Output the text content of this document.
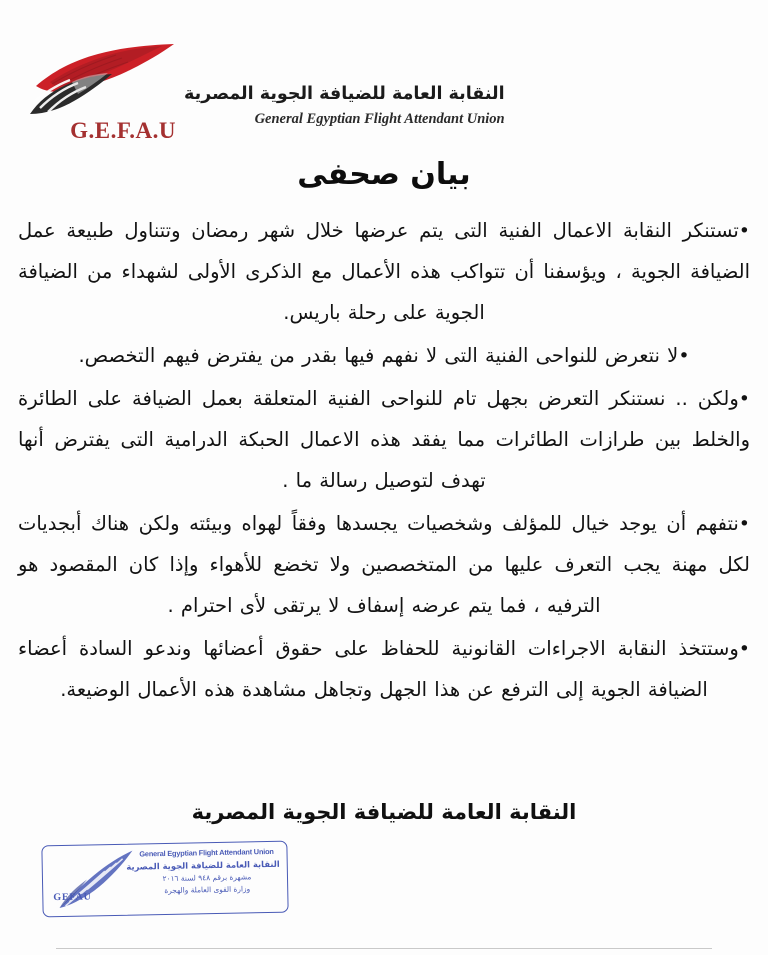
G.E.F.A.U
النقابة العامة للضيافة الجوية المصرية
General Egyptian Flight Attendant Union
بيان صحفى

•تستنكر النقابة الاعمال الفنية التى يتم عرضها خلال شهر رمضان وتتناول طبيعة عمل الضيافة الجوية ، ويؤسفنا أن تتواكب هذه الأعمال مع الذكرى الأولى لشهداء من الضيافة الجوية على رحلة باريس.

•لا نتعرض للنواحى الفنية التى لا نفهم فيها بقدر من يفترض فيهم التخصص.

•ولكن .. نستنكر التعرض بجهل تام للنواحى الفنية المتعلقة بعمل الضيافة على الطائرة والخلط بين طرازات الطائرات مما يفقد هذه الاعمال الحبكة الدرامية التى يفترض أنها تهدف لتوصيل رسالة ما .

•نتفهم أن يوجد خيال للمؤلف وشخصيات يجسدها وفقاً لهواه وبيئته ولكن هناك أبجديات لكل مهنة يجب التعرف عليها من المتخصصين ولا تخضع للأهواء وإذا كان المقصود هو الترفيه ، فما يتم عرضه إسفاف لا يرتقى لأى احترام .

•وستتخذ النقابة الاجراءات القانونية للحفاظ على حقوق أعضائها وندعو السادة أعضاء الضيافة الجوية إلى الترفع عن هذا الجهل وتجاهل مشاهدة هذه الأعمال الوضيعة.

النقابة العامة للضيافة الجوية المصرية
GEFAU
General Egyptian Flight Attendant Union
النقابة العامة للضيافة الجوية المصرية
مشهرة برقم ٩٤٨ لسنة ٢٠١٦
وزارة القوى العاملة والهجرة
